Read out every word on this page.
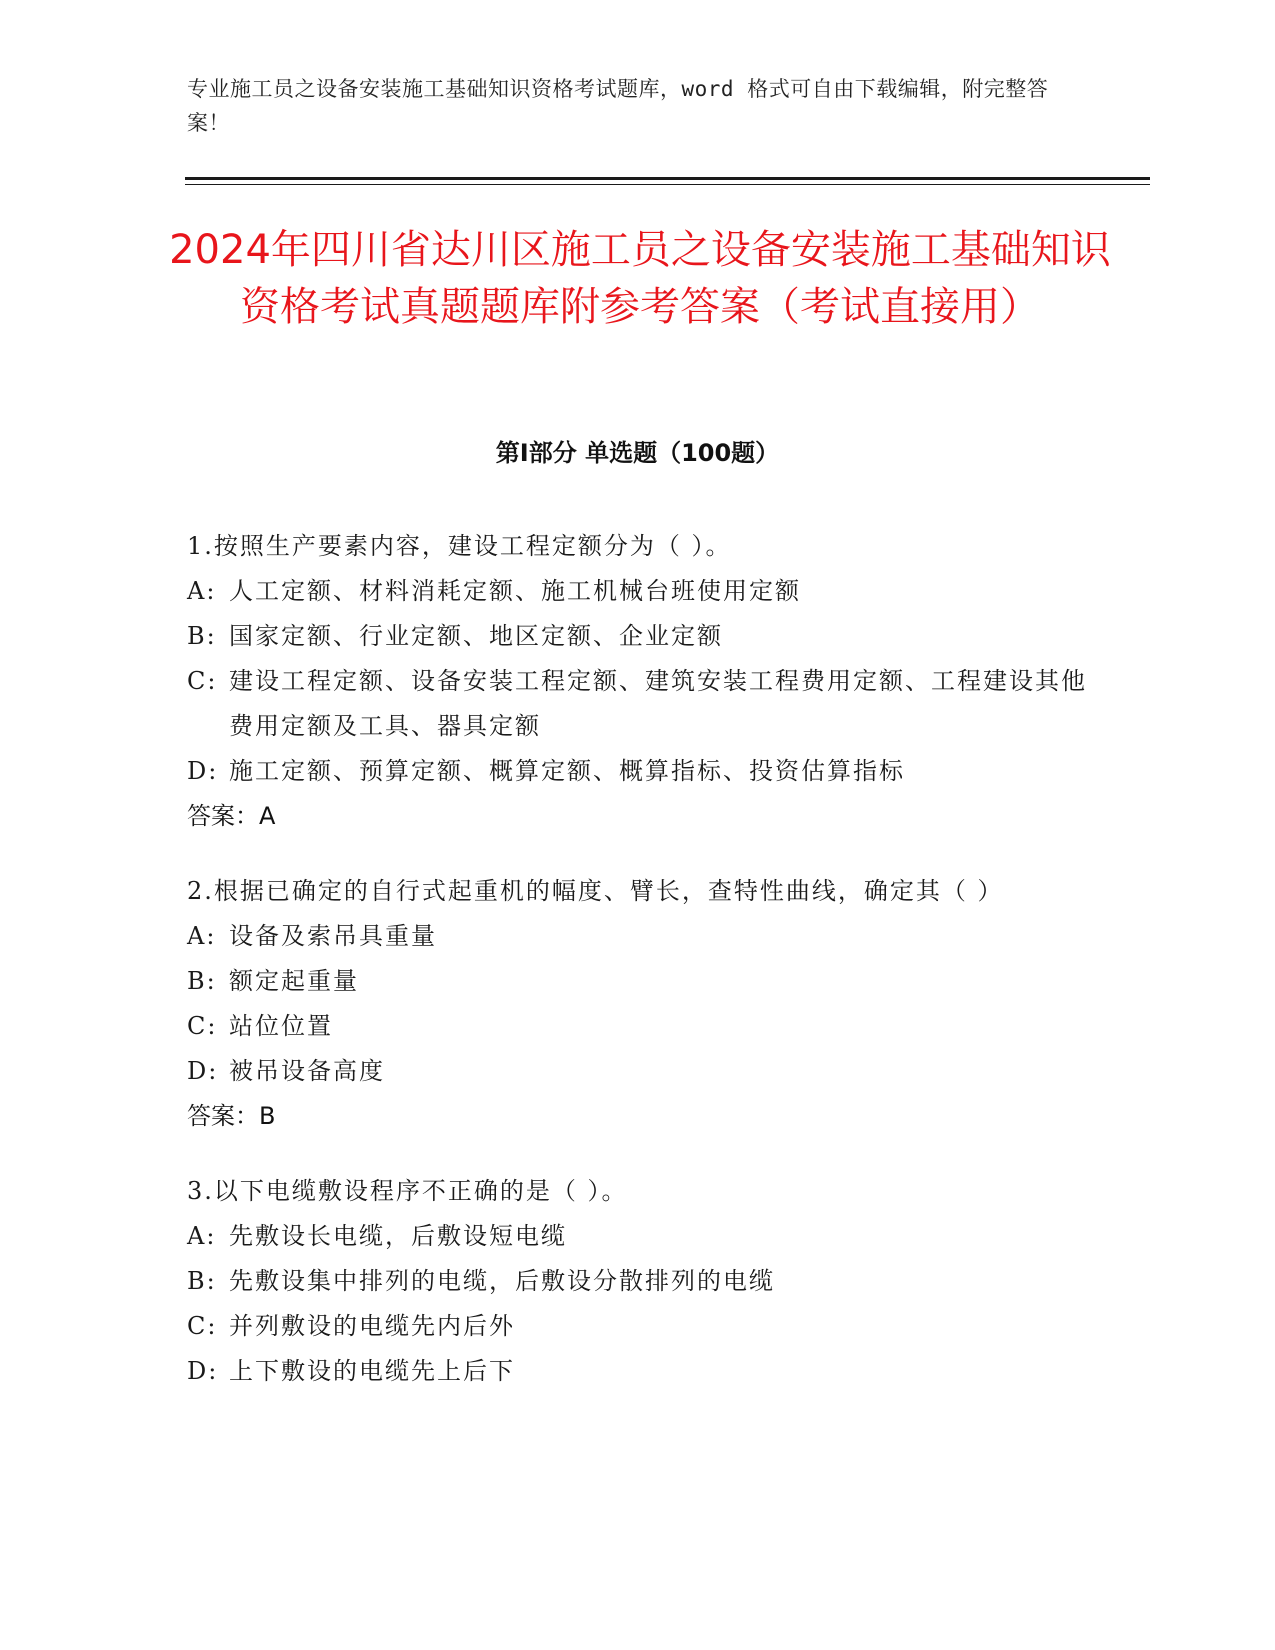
专业施工员之设备安装施工基础知识资格考试题库，word 格式可自由下载编辑，附完整答案！
2024年四川省达川区施工员之设备安装施工基础知识资格考试真题题库附参考答案（考试直接用）
第Ⅰ部分 单选题（100题）

1.按照生产要素内容，建设工程定额分为（ ）。

A: 人工定额、材料消耗定额、施工机械台班使用定额
B: 国家定额、行业定额、地区定额、企业定额
C: 建设工程定额、设备安装工程定额、建筑安装工程费用定额、工程建设其他费用定额及工具、器具定额
D: 施工定额、预算定额、概算定额、概算指标、投资估算指标

答案：A

2.根据已确定的自行式起重机的幅度、臂长，查特性曲线，确定其（ ）

A: 设备及索吊具重量
B: 额定起重量
C: 站位位置
D: 被吊设备高度

答案：B

3.以下电缆敷设程序不正确的是（ ）。

A: 先敷设长电缆，后敷设短电缆
B: 先敷设集中排列的电缆，后敷设分散排列的电缆
C: 并列敷设的电缆先内后外
D: 上下敷设的电缆先上后下
